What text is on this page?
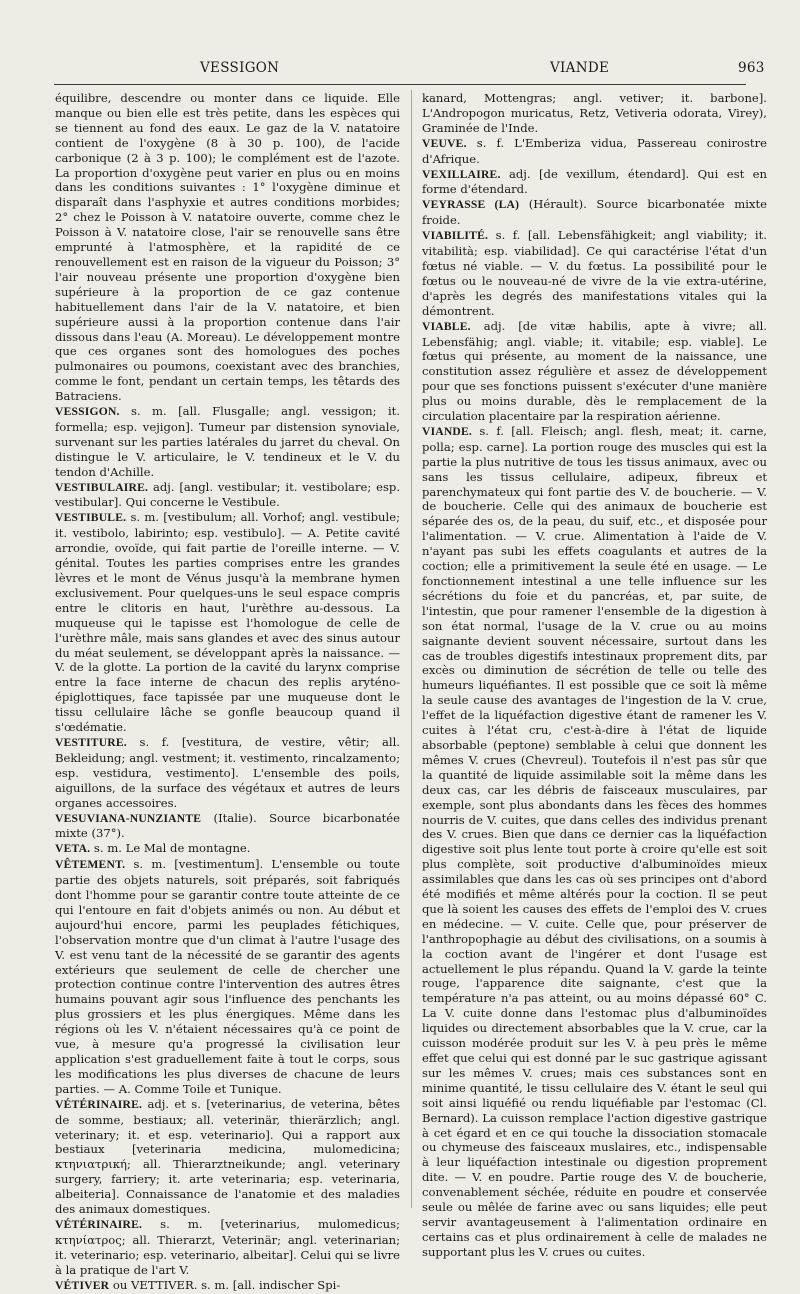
VESSIGON	VIANDE	963

équilibre, descendre ou monter dans ce liquide. Elle manque ou bien elle est très petite, dans les espèces qui se tiennent au fond des eaux. Le gaz de la V. natatoire contient de l'oxygène (8 à 30 p. 100), de l'acide carbonique (2 à 3 p. 100); le complément est de l'azote. La proportion d'oxygène peut varier en plus ou en moins dans les conditions suivantes : 1° l'oxygène diminue et disparaît dans l'asphyxie et autres conditions morbides; 2° chez le Poisson à V. natatoire ouverte, comme chez le Poisson à V. natatoire close, l'air se renouvelle sans être emprunté à l'atmosphère, et la rapidité de ce renouvellement est en raison de la vigueur du Poisson; 3° l'air nouveau présente une proportion d'oxygène bien supérieure à la proportion de ce gaz contenue habituellement dans l'air de la V. natatoire, et bien supérieure aussi à la proportion contenue dans l'air dissous dans l'eau (A. Moreau). Le développement montre que ces organes sont des homologues des poches pulmonaires ou poumons, coexistant avec des branchies, comme le font, pendant un certain temps, les têtards des Batraciens.

VESSIGON. s. m. [all. Flusgalle; angl. vessigon; it. formella; esp. vejigon]. Tumeur par distension synoviale, survenant sur les parties latérales du jarret du cheval. On distingue le V. articulaire, le V. tendineux et le V. du tendon d'Achille.

VESTIBULAIRE. adj. [angl. vestibular; it. vestibolare; esp. vestibular]. Qui concerne le Vestibule.

VESTIBULE. s. m. [vestibulum; all. Vorhof; angl. vestibule; it. vestibolo, labirinto; esp. vestibulo]. — A. Petite cavité arrondie, ovoïde, qui fait partie de l'oreille interne. — V. génital. Toutes les parties comprises entre les grandes lèvres et le mont de Vénus jusqu'à la membrane hymen exclusivement. Pour quelques-uns le seul espace compris entre le clitoris en haut, l'urèthre au-dessous. La muqueuse qui le tapisse est l'homologue de celle de l'urèthre mâle, mais sans glandes et avec des sinus autour du méat seulement, se développant après la naissance. — V. de la glotte. La portion de la cavité du larynx comprise entre la face interne de chacun des replis aryténo-épiglottiques, face tapissée par une muqueuse dont le tissu cellulaire lâche se gonfle beaucoup quand il s'œdématie.

VESTITURE. s. f. [vestitura, de vestire, vêtir; all. Bekleidung; angl. vestment; it. vestimento, rincalzamento; esp. vestidura, vestimento]. L'ensemble des poils, aiguillons, de la surface des végétaux et autres de leurs organes accessoires.

VESUVIANA-NUNZIANTE (Italie). Source bicarbonatée mixte (37°).

VETA. s. m. Le Mal de montagne.

VÊTEMENT. s. m. [vestimentum]. L'ensemble ou toute partie des objets naturels, soit préparés, soit fabriqués dont l'homme pour se garantir contre toute atteinte de ce qui l'entoure en fait d'objets animés ou non. Au début et aujourd'hui encore, parmi les peuplades fétichiques, l'observation montre que d'un climat à l'autre l'usage des V. est venu tant de la nécessité de se garantir des agents extérieurs que seulement de celle de chercher une protection continue contre l'intervention des autres êtres humains pouvant agir sous l'influence des penchants les plus grossiers et les plus énergiques. Même dans les régions où les V. n'étaient nécessaires qu'à ce point de vue, à mesure qu'a progressé la civilisation leur application s'est graduellement faite à tout le corps, sous les modifications les plus diverses de chacune de leurs parties. — A. Comme Toile et Tunique.

VÉTÉRINAIRE. adj. et s. [veterinarius, de veterina, bêtes de somme, bestiaux; all. veterinär, thierärzlich; angl. veterinary; it. et esp. veterinario]. Qui a rapport aux bestiaux [veterinaria medicina, mulomedicina; κτηνιατρική; all. Thierarztneikunde; angl. veterinary surgery, farriery; it. arte veterinaria; esp. veterinaria, albeiteria]. Connaissance de l'anatomie et des maladies des animaux domestiques.

VÉTÉRINAIRE. s. m. [veterinarius, mulomedicus; κτηνίατρος; all. Thierarzt, Veterinär; angl. veterinarian; it. veterinario; esp. veterinario, albeitar]. Celui qui se livre à la pratique de l'art V.

VÉTIVER ou VETTIVER. s. m. [all. indischer Spi-

kanard, Mottengras; angl. vetiver; it. barbone]. L'Andropogon muricatus, Retz, Vetiveria odorata, Virey), Graminée de l'Inde.

VEUVE. s. f. L'Emberiza vidua, Passereau conirostre d'Afrique.

VEXILLAIRE. adj. [de vexillum, étendard]. Qui est en forme d'étendard.

VEYRASSE (LA) (Hérault). Source bicarbonatée mixte froide.

VIABILITÉ. s. f. [all. Lebensfähigkeit; angl viability; it. vitabilità; esp. viabilidad]. Ce qui caractérise l'état d'un fœtus né viable. — V. du fœtus. La possibilité pour le fœtus ou le nouveau-né de vivre de la vie extra-utérine, d'après les degrés des manifestations vitales qui la démontrent.

VIABLE. adj. [de vitæ habilis, apte à vivre; all. Lebensfähig; angl. viable; it. vitabile; esp. viable]. Le fœtus qui présente, au moment de la naissance, une constitution assez régulière et assez de développement pour que ses fonctions puissent s'exécuter d'une manière plus ou moins durable, dès le remplacement de la circulation placentaire par la respiration aérienne.

VIANDE. s. f. [all. Fleisch; angl. flesh, meat; it. carne, polla; esp. carne]. La portion rouge des muscles qui est la partie la plus nutritive de tous les tissus animaux, avec ou sans les tissus cellulaire, adipeux, fibreux et parenchymateux qui font partie des V. de boucherie. — V. de boucherie. Celle qui des animaux de boucherie est séparée des os, de la peau, du suif, etc., et disposée pour l'alimentation. — V. crue. Alimentation à l'aide de V. n'ayant pas subi les effets coagulants et autres de la coction; elle a primitivement la seule été en usage. — Le fonctionnement intestinal a une telle influence sur les sécrétions du foie et du pancréas, et, par suite, de l'intestin, que pour ramener l'ensemble de la digestion à son état normal, l'usage de la V. crue ou au moins saignante devient souvent nécessaire, surtout dans les cas de troubles digestifs intestinaux proprement dits, par excès ou diminution de sécrétion de telle ou telle des humeurs liquéfiantes. Il est possible que ce soit là même la seule cause des avantages de l'ingestion de la V. crue, l'effet de la liquéfaction digestive étant de ramener les V. cuites à l'état cru, c'est-à-dire à l'état de liquide absorbable (peptone) semblable à celui que donnent les mêmes V. crues (Chevreul). Toutefois il n'est pas sûr que la quantité de liquide assimilable soit la même dans les deux cas, car les débris de faisceaux musculaires, par exemple, sont plus abondants dans les fèces des hommes nourris de V. cuites, que dans celles des individus prenant des V. crues. Bien que dans ce dernier cas la liquéfaction digestive soit plus lente tout porte à croire qu'elle est soit plus complète, soit productive d'albuminoïdes mieux assimilables que dans les cas où ses principes ont d'abord été modifiés et même altérés pour la coction. Il se peut que là soient les causes des effets de l'emploi des V. crues en médecine. — V. cuite. Celle que, pour préserver de l'anthropophagie au début des civilisations, on a soumis à la coction avant de l'ingérer et dont l'usage est actuellement le plus répandu. Quand la V. garde la teinte rouge, l'apparence dite saignante, c'est que la température n'a pas atteint, ou au moins dépassé 60° C. La V. cuite donne dans l'estomac plus d'albuminoïdes liquides ou directement absorbables que la V. crue, car la cuisson modérée produit sur les V. à peu près le même effet que celui qui est donné par le suc gastrique agissant sur les mêmes V. crues; mais ces substances sont en minime quantité, le tissu cellulaire des V. étant le seul qui soit ainsi liquéfié ou rendu liquéfiable par l'estomac (Cl. Bernard). La cuisson remplace l'action digestive gastrique à cet égard et en ce qui touche la dissociation stomacale ou chymeuse des faisceaux muslaires, etc., indispensable à leur liquéfaction intestinale ou digestion proprement dite. — V. en poudre. Partie rouge des V. de boucherie, convenablement séchée, réduite en poudre et conservée seule ou mêlée de farine avec ou sans liquides; elle peut servir avantageusement à l'alimentation ordinaire en certains cas et plus ordinairement à celle de malades ne supportant plus les V. crues ou cuites.
